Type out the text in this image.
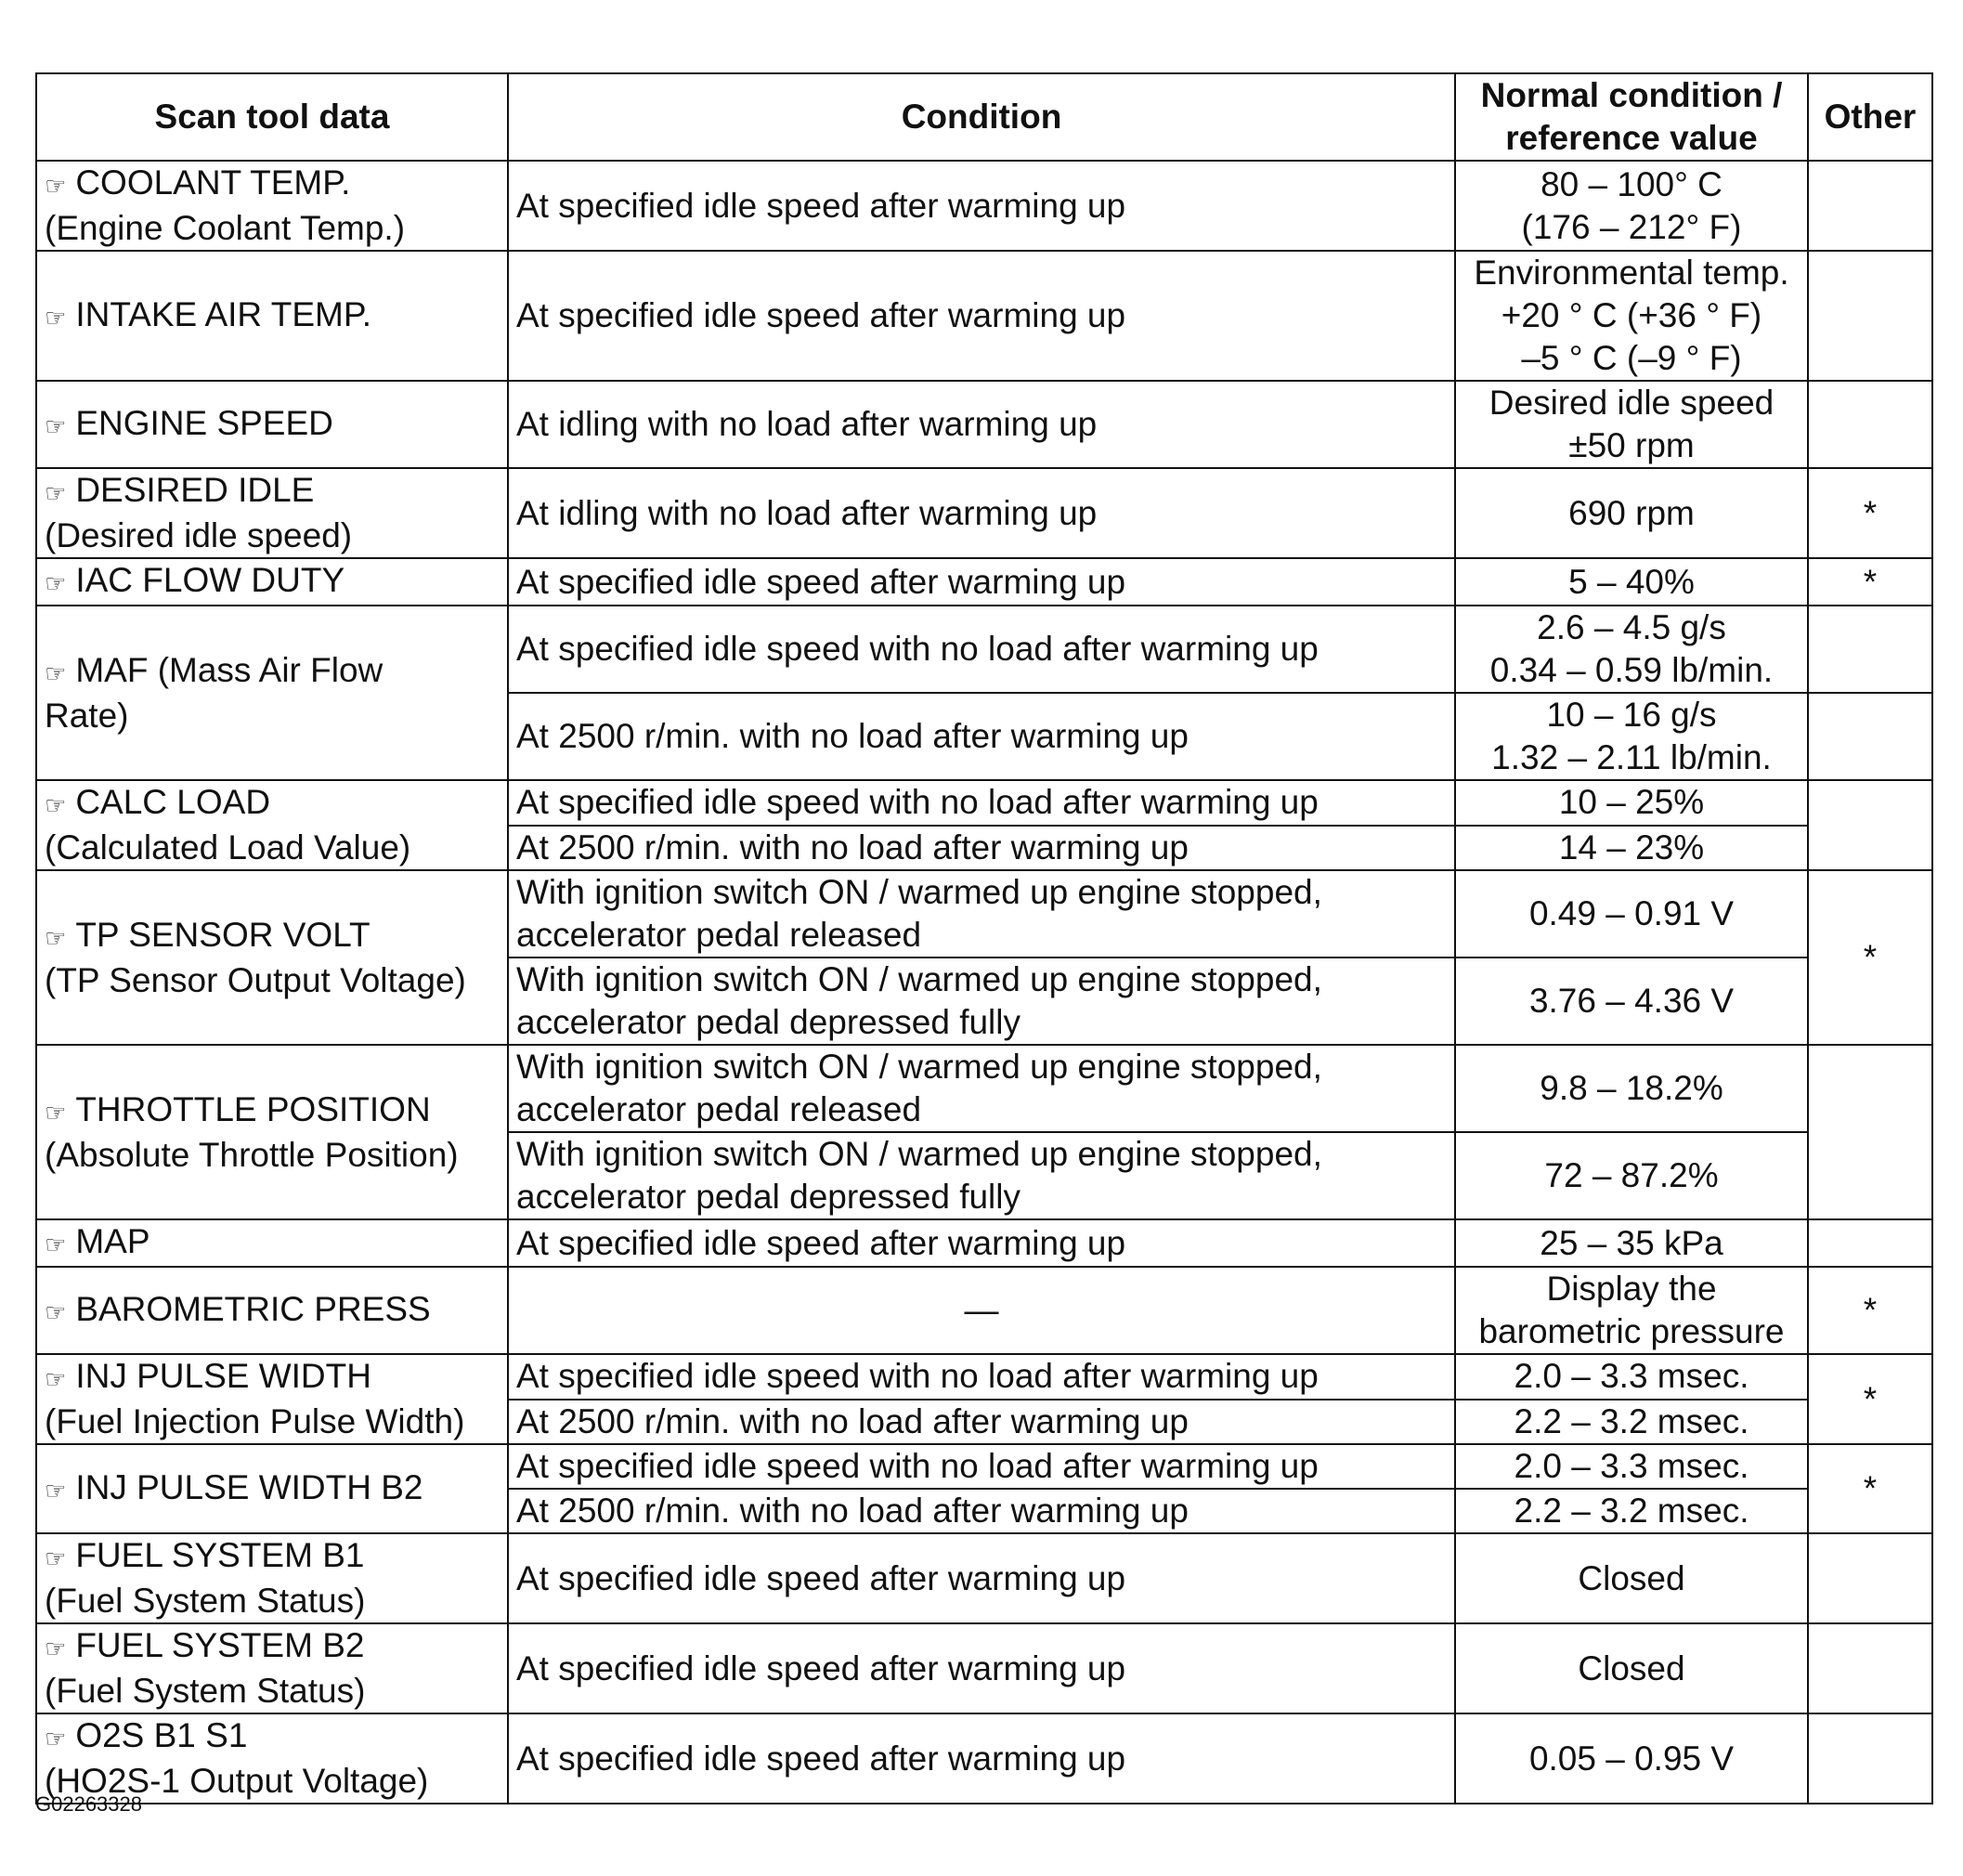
Scan tool data	Condition	Normal condition /
reference value	Other

☞ COOLANT TEMP.
(Engine Coolant Temp.)	At specified idle speed after warming up	80 – 100° C
(176 – 212° F)	

☞ INTAKE AIR TEMP.	At specified idle speed after warming up	Environmental temp.
+20 ° C (+36 ° F)
–5 ° C (–9 ° F)	

☞ ENGINE SPEED	At idling with no load after warming up	Desired idle speed
±50 rpm	

☞ DESIRED IDLE
(Desired idle speed)	At idling with no load after warming up	690 rpm	*

☞ IAC FLOW DUTY	At specified idle speed after warming up	5 – 40%	*

☞ MAF (Mass Air Flow
Rate)	At specified idle speed with no load after warming up	2.6 – 4.5 g/s
0.34 – 0.59 lb/min.	

	At 2500 r/min. with no load after warming up	10 – 16 g/s
1.32 – 2.11 lb/min.	

☞ CALC LOAD
(Calculated Load Value)	At specified idle speed with no load after warming up	10 – 25%	

	At 2500 r/min. with no load after warming up	14 – 23%	

☞ TP SENSOR VOLT
(TP Sensor Output Voltage)	With ignition switch ON / warmed up engine stopped,
accelerator pedal released	0.49 – 0.91 V	*

	With ignition switch ON / warmed up engine stopped,
accelerator pedal depressed fully	3.76 – 4.36 V	

☞ THROTTLE POSITION
(Absolute Throttle Position)	With ignition switch ON / warmed up engine stopped,
accelerator pedal released	9.8 – 18.2%	

	With ignition switch ON / warmed up engine stopped,
accelerator pedal depressed fully	72 – 87.2%	

☞ MAP	At specified idle speed after warming up	25 – 35 kPa	

☞ BAROMETRIC PRESS	—	Display the
barometric pressure	*

☞ INJ PULSE WIDTH
(Fuel Injection Pulse Width)	At specified idle speed with no load after warming up	2.0 – 3.3 msec.	*

	At 2500 r/min. with no load after warming up	2.2 – 3.2 msec.	

☞ INJ PULSE WIDTH B2	At specified idle speed with no load after warming up	2.0 – 3.3 msec.	*

	At 2500 r/min. with no load after warming up	2.2 – 3.2 msec.	

☞ FUEL SYSTEM B1
(Fuel System Status)	At specified idle speed after warming up	Closed	

☞ FUEL SYSTEM B2
(Fuel System Status)	At specified idle speed after warming up	Closed	

☞ O2S B1 S1
(HO2S-1 Output Voltage)	At specified idle speed after warming up	0.05 – 0.95 V	

G02263328
